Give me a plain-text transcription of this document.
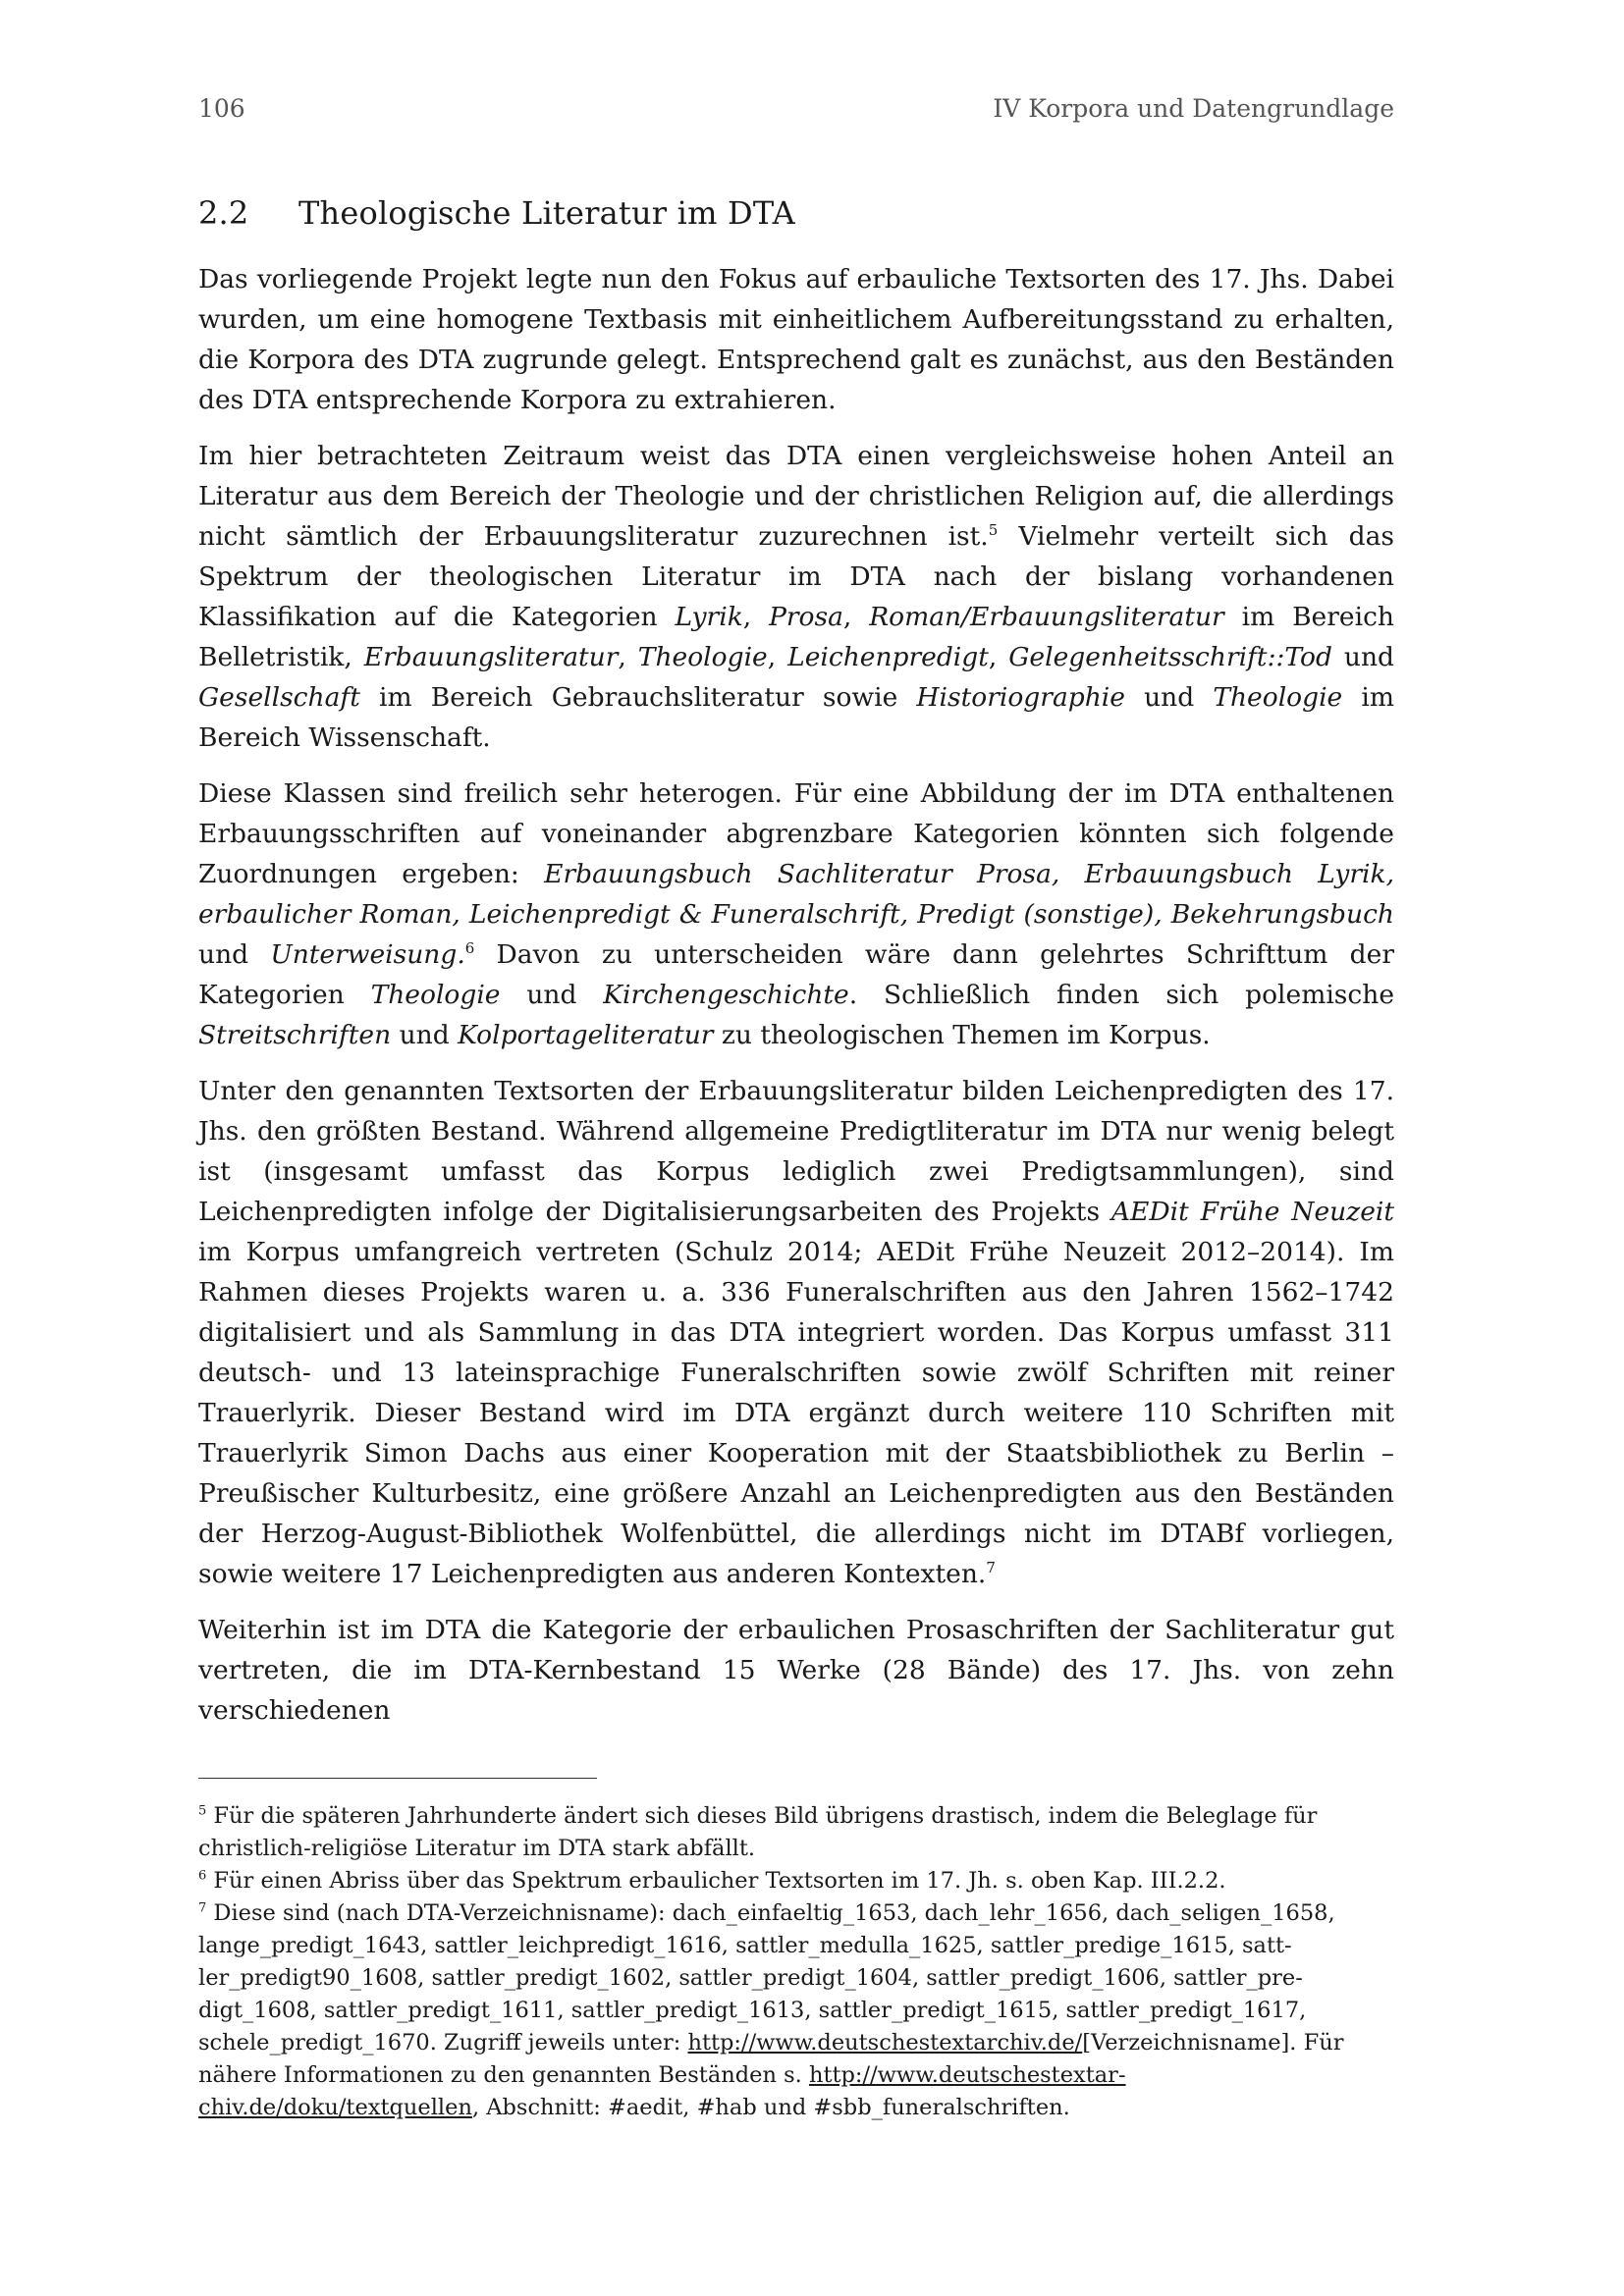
106	IV Korpora und Datengrundlage
2.2 Theologische Literatur im DTA

Das vorliegende Projekt legte nun den Fokus auf erbauliche Textsorten des 17. Jhs. Dabei wurden, um eine homogene Textbasis mit einheitlichem Aufbereitungsstand zu erhalten, die Korpora des DTA zugrunde gelegt. Entsprechend galt es zunächst, aus den Beständen des DTA entsprechende Korpora zu extrahieren.

Im hier betrachteten Zeitraum weist das DTA einen vergleichsweise hohen Anteil an Literatur aus dem Bereich der Theologie und der christlichen Religion auf, die allerdings nicht sämtlich der Erbauungsliteratur zuzurechnen ist.$^5$ Vielmehr verteilt sich das Spektrum der theologischen Literatur im DTA nach der bislang vorhandenen Klassifikation auf die Kategorien Lyrik, Prosa, Roman/Erbauungsliteratur im Bereich Belletristik, Erbauungsliteratur, Theologie, Leichenpredigt, Gelegenheitsschrift::Tod und Gesellschaft im Bereich Gebrauchsliteratur sowie Historiographie und Theologie im Bereich Wissenschaft.

Diese Klassen sind freilich sehr heterogen. Für eine Abbildung der im DTA enthaltenen Erbauungsschriften auf voneinander abgrenzbare Kategorien könnten sich folgende Zuordnungen ergeben: Erbauungsbuch Sachliteratur Prosa, Erbauungsbuch Lyrik, erbaulicher Roman, Leichenpredigt & Funeralschrift, Predigt (sonstige), Bekehrungsbuch und Unterweisung.$^6$ Davon zu unterscheiden wäre dann gelehrtes Schrifttum der Kategorien Theologie und Kirchengeschichte. Schließlich finden sich polemische Streitschriften und Kolportageliteratur zu theologischen Themen im Korpus.

Unter den genannten Textsorten der Erbauungsliteratur bilden Leichenpredigten des 17. Jhs. den größten Bestand. Während allgemeine Predigtliteratur im DTA nur wenig belegt ist (insgesamt umfasst das Korpus lediglich zwei Predigtsammlungen), sind Leichenpredigten infolge der Digitalisierungsarbeiten des Projekts AEDit Frühe Neuzeit im Korpus umfangreich vertreten (Schulz 2014; AEDit Frühe Neuzeit 2012–2014). Im Rahmen dieses Projekts waren u. a. 336 Funeralschriften aus den Jahren 1562–1742 digitalisiert und als Sammlung in das DTA integriert worden. Das Korpus umfasst 311 deutsch- und 13 lateinsprachige Funeralschriften sowie zwölf Schriften mit reiner Trauerlyrik. Dieser Bestand wird im DTA ergänzt durch weitere 110 Schriften mit Trauerlyrik Simon Dachs aus einer Kooperation mit der Staatsbibliothek zu Berlin – Preußischer Kulturbesitz, eine größere Anzahl an Leichenpredigten aus den Beständen der Herzog-August-Bibliothek Wolfenbüttel, die allerdings nicht im DTABf vorliegen, sowie weitere 17 Leichenpredigten aus anderen Kontexten.$^7$

Weiterhin ist im DTA die Kategorie der erbaulichen Prosaschriften der Sachliteratur gut vertreten, die im DTA-Kernbestand 15 Werke (28 Bände) des 17. Jhs. von zehn verschiedenen

$^5$ Für die späteren Jahrhunderte ändert sich dieses Bild übrigens drastisch, indem die Beleglage für christlich-religiöse Literatur im DTA stark abfällt.

$^6$ Für einen Abriss über das Spektrum erbaulicher Textsorten im 17. Jh. s. oben Kap. III.2.2.

$^7$ Diese sind (nach DTA-Verzeichnisname): dach_einfaeltig_1653, dach_lehr_1656, dach_seligen_1658, lange_predigt_1643, sattler_leichpredigt_1616, sattler_medulla_1625, sattler_predige_1615, sattler_predigt90_1608, sattler_predigt_1602, sattler_predigt_1604, sattler_predigt_1606, sattler_predigt_1608, sattler_predigt_1611, sattler_predigt_1613, sattler_predigt_1615, sattler_predigt_1617, schele_predigt_1670. Zugriff jeweils unter: http://www.deutschestextarchiv.de/[Verzeichnisname]. Für nähere Informationen zu den genannten Beständen s. http://www.deutschestextarchiv.de/doku/textquellen, Abschnitt: #aedit, #hab und #sbb_funeralschriften.
